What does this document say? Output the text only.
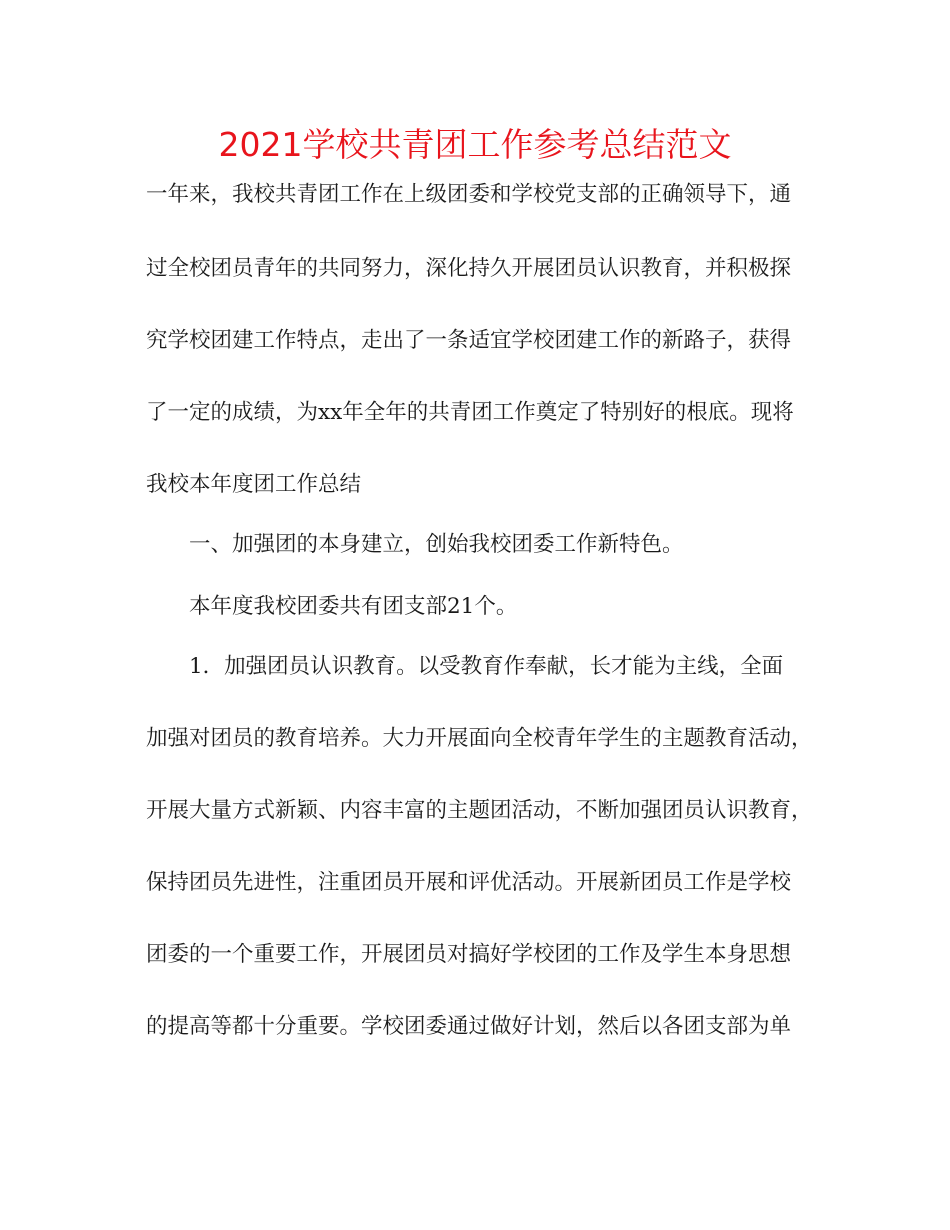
2021学校共青团工作参考总结范文
一年来，我校共青团工作在上级团委和学校党支部的正确领导下，通
过全校团员青年的共同努力，深化持久开展团员认识教育，并积极探
究学校团建工作特点，走出了一条适宜学校团建工作的新路子，获得
了一定的成绩，为xx年全年的共青团工作奠定了特别好的根底。现将
我校本年度团工作总结
一、加强团的本身建立，创始我校团委工作新特色。
本年度我校团委共有团支部21个。
1．加强团员认识教育。以受教育作奉献，长才能为主线，全面
加强对团员的教育培养。大力开展面向全校青年学生的主题教育活动，
开展大量方式新颖、内容丰富的主题团活动，不断加强团员认识教育，
保持团员先进性，注重团员开展和评优活动。开展新团员工作是学校
团委的一个重要工作，开展团员对搞好学校团的工作及学生本身思想
的提高等都十分重要。学校团委通过做好计划，然后以各团支部为单
